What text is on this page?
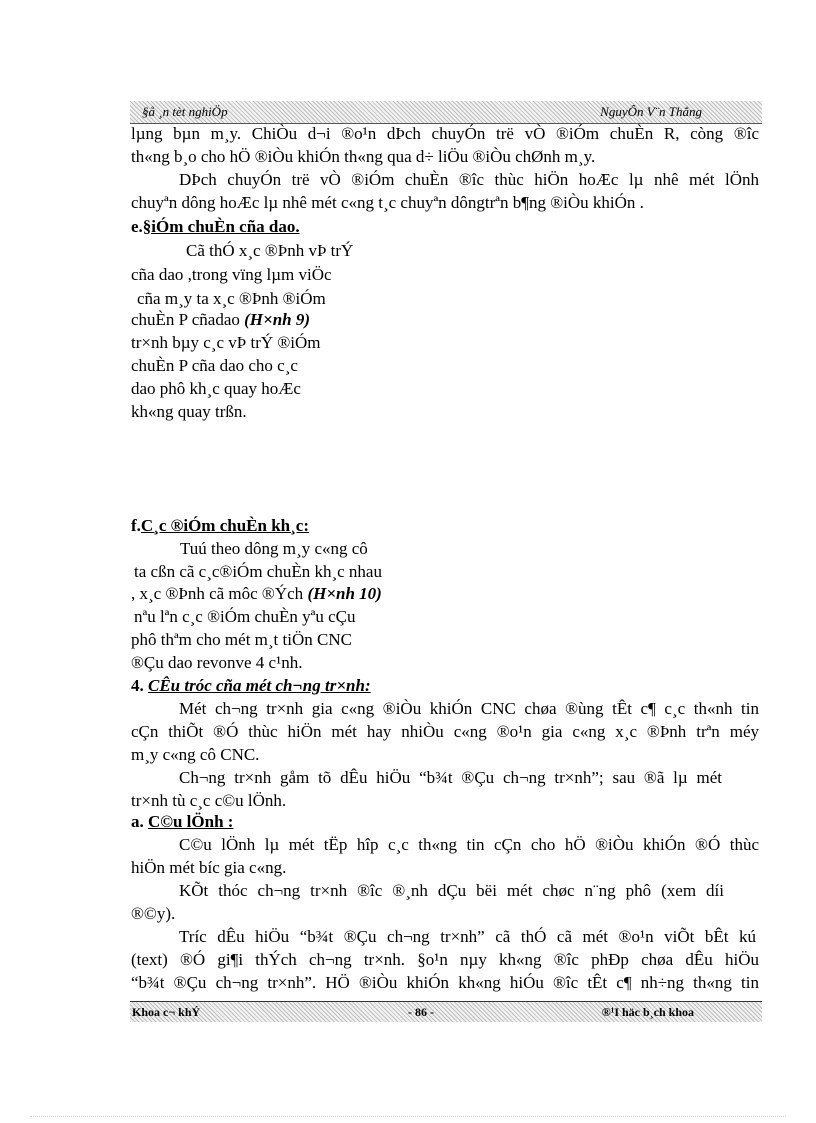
§å ¸n tèt nghiÖp	NguyÔn V¨n Thắng
lµng bµn m¸y. ChiÒu d¬i ®o¹n dÞch chuyÓn trë vÒ ®iÓm chuÈn R, còng ®îc
th«ng b¸o cho hÖ ®iÒu khiÓn th«ng qua d÷ liÖu ®iÒu chØnh m¸y.
DÞch chuyÓn trë vÒ ®iÓm chuÈn ®îc thùc hiÖn hoÆc lµ nhê mét lÖnh
chuyªn dông hoÆc lµ nhê mét c«ng t¸c chuyªn dôngtrªn b¶ng ®iÒu khiÓn .
e.§iÓm chuÈn cña dao.
Cã thÓ x¸c ®Þnh vÞ trÝ
cña dao ,trong vïng lµm viÖc
cña m¸y ta x¸c ®Þnh ®iÓm
chuÈn P cñadao (H×nh 9)
tr×nh bµy c¸c vÞ trÝ ®iÓm
chuÈn P cña dao cho c¸c
dao phô kh¸c quay hoÆc
kh«ng quay trßn.
f.C¸c ®iÓm chuÈn kh¸c:
Tuú theo dông m¸y c«ng cô
ta cßn cã c¸c®iÓm chuÈn kh¸c nhau
, x¸c ®Þnh cã môc ®Ých (H×nh 10)
nªu lªn c¸c ®iÓm chuÈn yªu cÇu
phô thªm cho mét m¸t tiÖn CNC
®Çu dao revonve 4 c¹nh.
4. CÊu tróc cña mét ch¬ng tr×nh:
Mét ch¬ng tr×nh gia c«ng ®iÒu khiÓn CNC chøa ®ùng tÊt c¶ c¸c th«nh tin
cÇn thiÕt ®Ó thùc hiÖn mét hay nhiÒu c«ng ®o¹n gia c«ng x¸c ®Þnh trªn méy
m¸y c«ng cô CNC.
Ch¬ng tr×nh gåm tõ dÊu hiÖu “b¾t ®Çu ch¬ng tr×nh”; sau ®ã lµ mét
tr×nh tù c¸c c©u lÖnh.
a. C©u lÖnh :
C©u lÖnh lµ mét tËp hîp c¸c th«ng tin cÇn cho hÖ ®iÒu khiÓn ®Ó thùc
hiÖn mét bíc gia c«ng.
KÕt thóc ch¬ng tr×nh ®îc ®¸nh dÇu bëi mét chøc n¨ng phô (xem díi
®©y).
Tríc dÊu hiÖu “b¾t ®Çu ch¬ng tr×nh” cã thÓ cã mét ®o¹n viÕt bÊt kú
(text) ®Ó gi¶i thÝch ch¬ng tr×nh. §o¹n nµy kh«ng ®îc phÐp chøa dÊu hiÖu
“b¾t ®Çu ch¬ng tr×nh”. HÖ ®iÒu khiÓn kh«ng hiÓu ®îc tÊt c¶ nh÷ng th«ng tin
Khoa c¬ khÝ	- 86 -	®¹I häc b¸ch khoa
